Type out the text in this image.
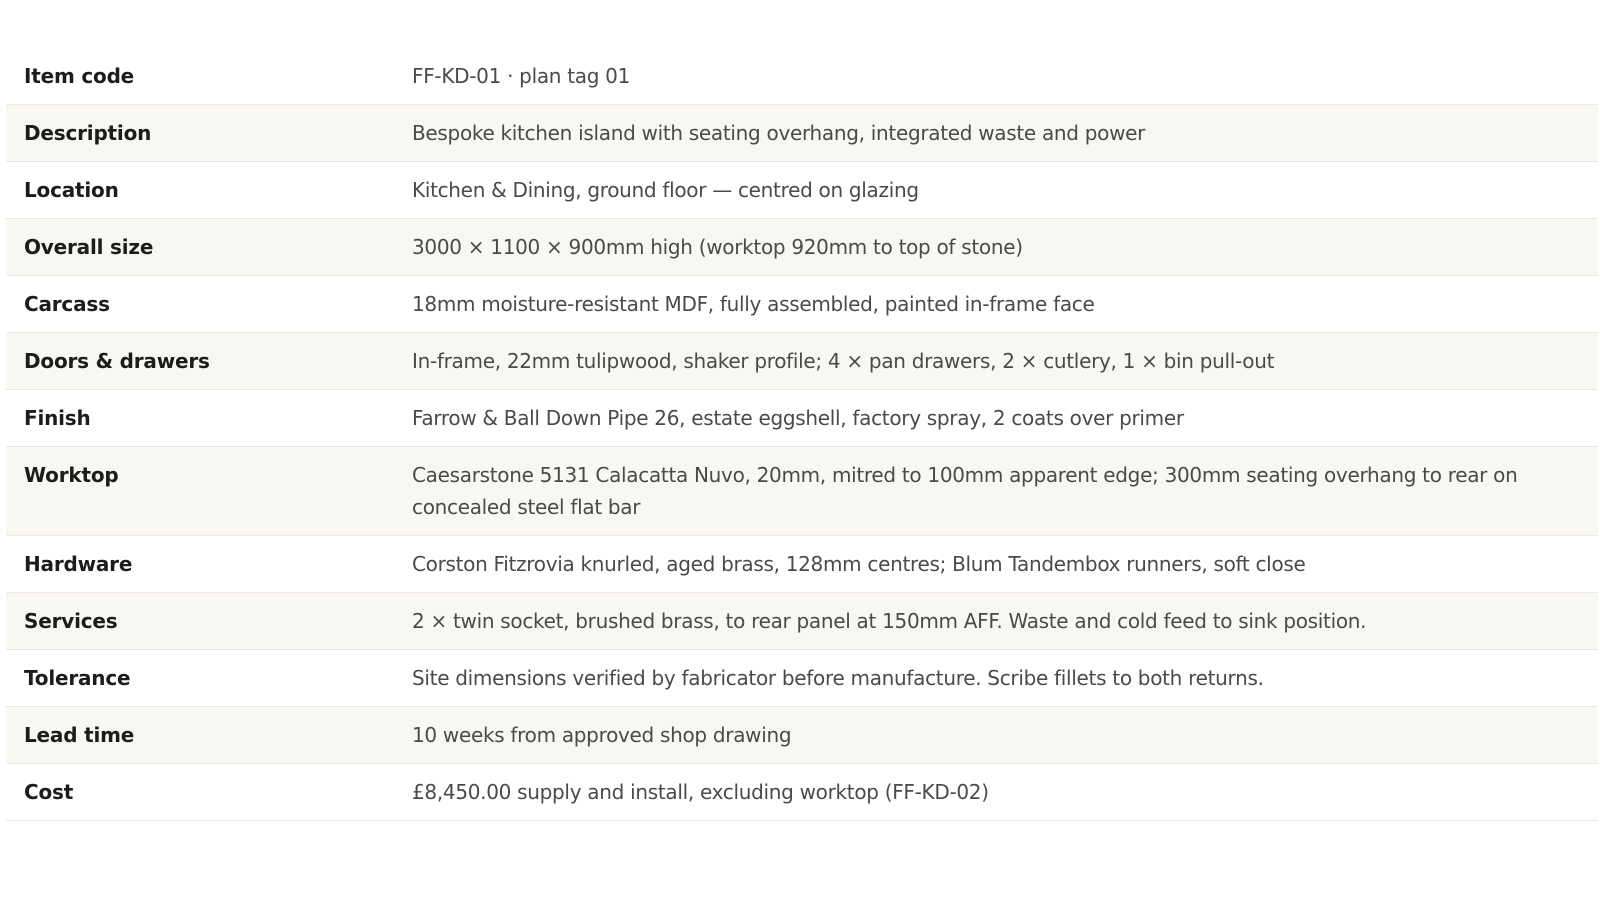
Item code	FF-KD-01 · plan tag 01
Description	Bespoke kitchen island with seating overhang, integrated waste and power
Location	Kitchen & Dining, ground floor — centred on glazing
Overall size	3000 × 1100 × 900mm high (worktop 920mm to top of stone)
Carcass	18mm moisture-resistant MDF, fully assembled, painted in-frame face
Doors & drawers	In-frame, 22mm tulipwood, shaker profile; 4 × pan drawers, 2 × cutlery, 1 × bin pull-out
Finish	Farrow & Ball Down Pipe 26, estate eggshell, factory spray, 2 coats over primer
Worktop	Caesarstone 5131 Calacatta Nuvo, 20mm, mitred to 100mm apparent edge; 300mm seating overhang to rear on concealed steel flat bar
Hardware	Corston Fitzrovia knurled, aged brass, 128mm centres; Blum Tandembox runners, soft close
Services	2 × twin socket, brushed brass, to rear panel at 150mm AFF. Waste and cold feed to sink position.
Tolerance	Site dimensions verified by fabricator before manufacture. Scribe fillets to both returns.
Lead time	10 weeks from approved shop drawing
Cost	£8,450.00 supply and install, excluding worktop (FF-KD-02)
